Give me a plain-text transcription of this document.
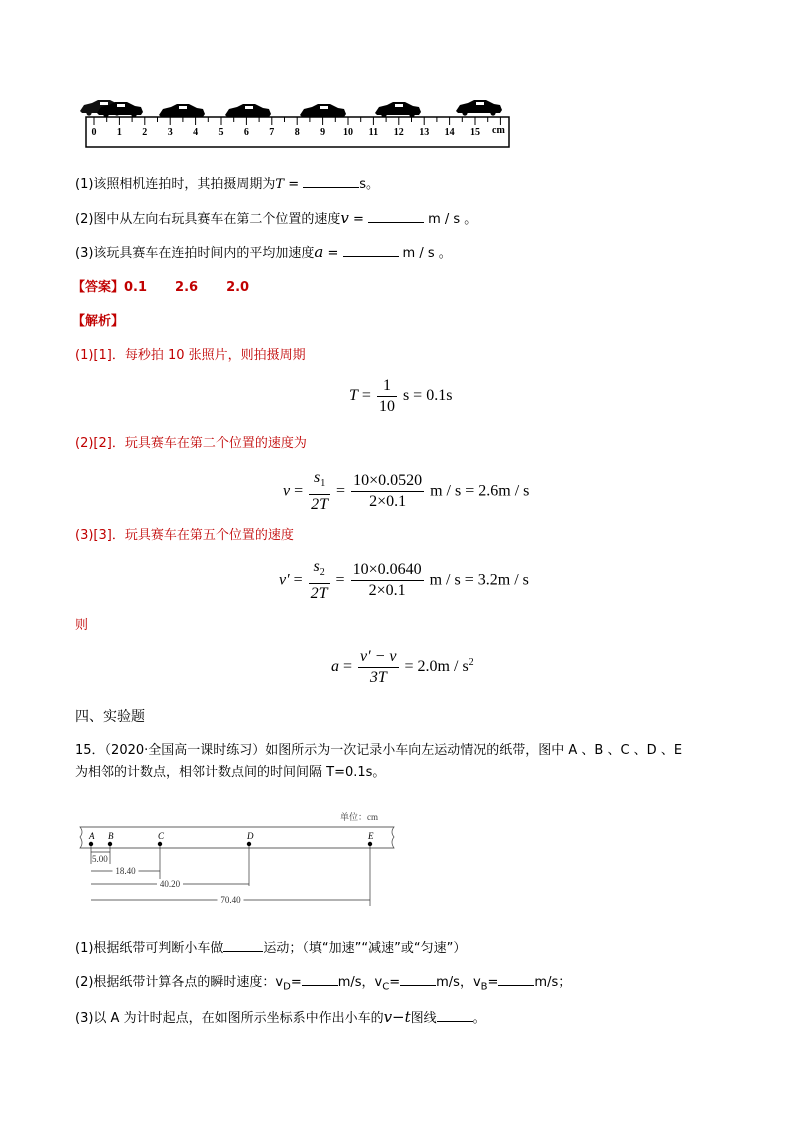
0 1 2 3 4 5 6 7 8 9 10 11 12 13 14 15 cm
(1)该照相机连拍时，其拍摄周期为T =	s。
(2)图中从左向右玩具赛车在第二个位置的速度v =	m / s 。
(3)该玩具赛车在连拍时间内的平均加速度a =	m / s 。
【答案】0.1 2.6 2.0
【解析】
(1)[1]．每秒拍 10 张照片，则拍摄周期
$T = \frac{1}{10}$ s = 0.1s
(2)[2]．玩具赛车在第二个位置的速度为
$v = \frac{s_1}{2T} = \frac{10\times 0.0520}{2\times 0.1}$ m / s = 2.6m / s
(3)[3]．玩具赛车在第五个位置的速度
$v' = \frac{s_2}{2T} = \frac{10\times 0.0640}{2\times 0.1}$ m / s = 3.2m / s
则
$a = \frac{v' - v}{3T} = 2.0m / s^2$
四、实验题
15．（2020·全国高一课时练习）如图所示为一次记录小车向左运动情况的纸带，图中 A 、B 、C 、D 、E
为相邻的计数点，相邻计数点间的时间间隔 T=0.1s。
单位：cm
A B	C	D	E
5.00
18.40
40.20
70.40
(1)根据纸带可判断小车做	运动；（填“加速”“减速”或“匀速”）
(2)根据纸带计算各点的瞬时速度：$v_D=$	m/s，$v_C=$	m/s，$v_B=$	m/s；
(3)以 A 为计时起点，在如图所示坐标系中作出小车的v−t图线	。
